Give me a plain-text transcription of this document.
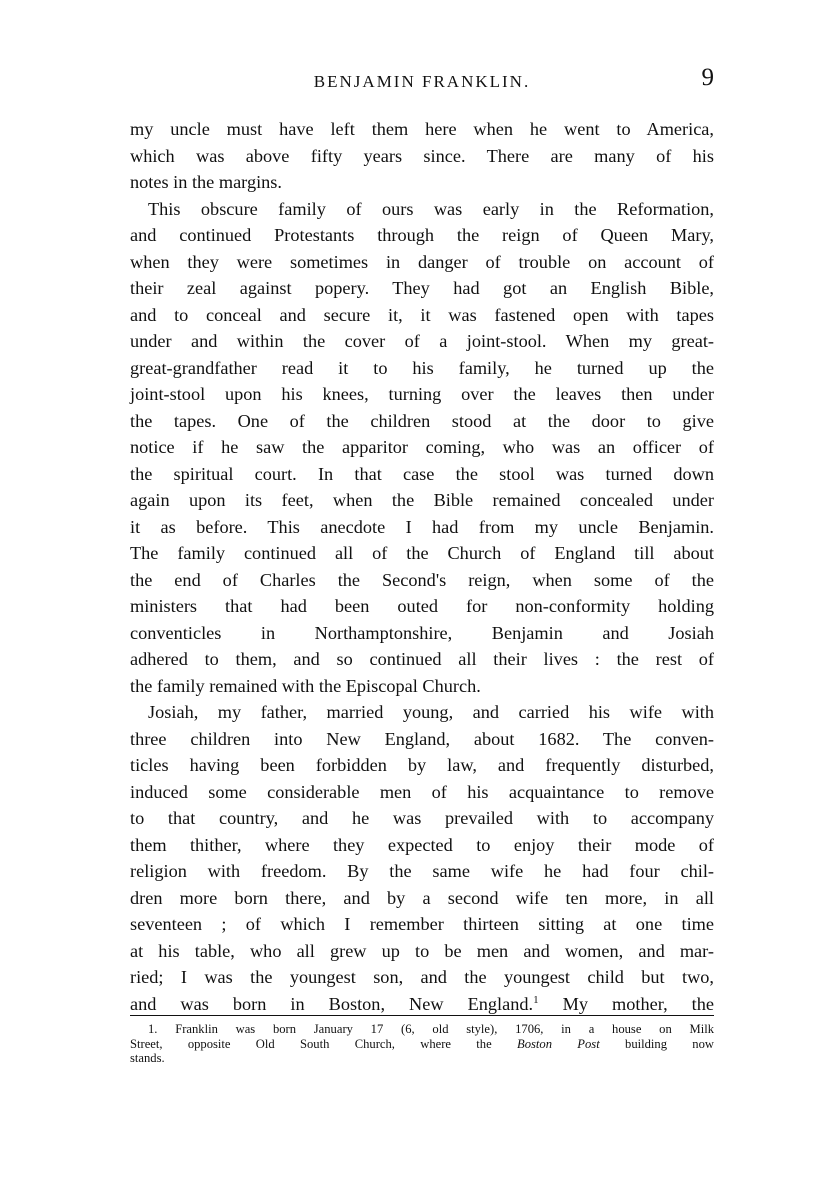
BENJAMIN FRANKLIN.	9
my uncle must have left them here when he went to America,
which was above fifty years since. There are many of his
notes in the margins.
This obscure family of ours was early in the Reformation,
and continued Protestants through the reign of Queen Mary,
when they were sometimes in danger of trouble on account of
their zeal against popery. They had got an English Bible,
and to conceal and secure it, it was fastened open with tapes
under and within the cover of a joint-stool. When my great-
great-grandfather read it to his family, he turned up the
joint-stool upon his knees, turning over the leaves then under
the tapes. One of the children stood at the door to give
notice if he saw the apparitor coming, who was an officer of
the spiritual court. In that case the stool was turned down
again upon its feet, when the Bible remained concealed under
it as before. This anecdote I had from my uncle Benjamin.
The family continued all of the Church of England till about
the end of Charles the Second's reign, when some of the
ministers that had been outed for non-conformity holding
conventicles in Northamptonshire, Benjamin and Josiah
adhered to them, and so continued all their lives : the rest of
the family remained with the Episcopal Church.
Josiah, my father, married young, and carried his wife with
three children into New England, about 1682. The conven-
ticles having been forbidden by law, and frequently disturbed,
induced some considerable men of his acquaintance to remove
to that country, and he was prevailed with to accompany
them thither, where they expected to enjoy their mode of
religion with freedom. By the same wife he had four chil-
dren more born there, and by a second wife ten more, in all
seventeen ; of which I remember thirteen sitting at one time
at his table, who all grew up to be men and women, and mar-
ried; I was the youngest son, and the youngest child but two,
and was born in Boston, New England.$^1$ My mother, the
1. Franklin was born January 17 (6, old style), 1706, in a house on Milk
Street, opposite Old South Church, where the Boston Post building now
stands.
